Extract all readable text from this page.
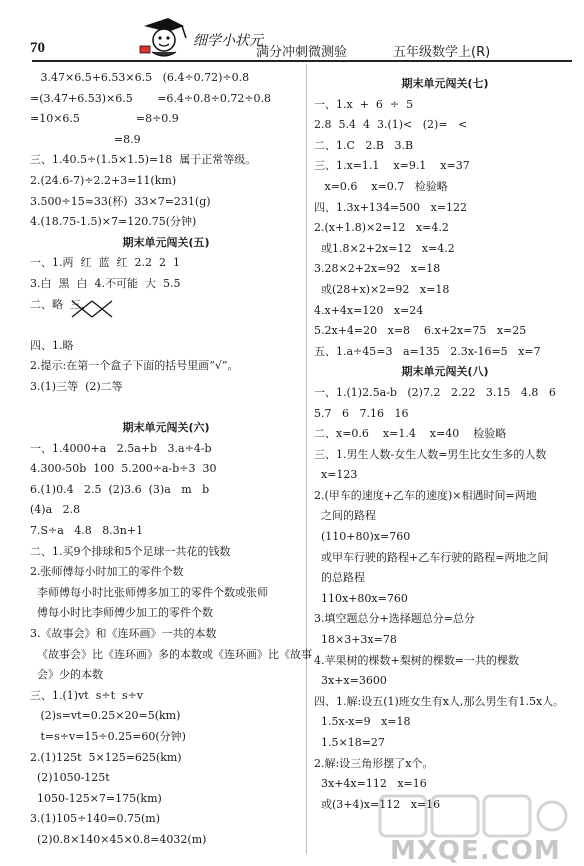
70	细学小状元
满分冲刺微测验	五年级数学上(R)
3.47×6.5+6.53×6.5   (6.4÷0.72)÷0.8
=(3.47+6.53)×6.5       =6.4÷0.8÷0.72÷0.8
=10×6.5                =8÷0.9
=8.9
三、1.40.5÷(1.5×1.5)=18  属于正常等级。
2.(24.6-7)÷2.2+3=11(km)
3.500÷15≈33(杯)  33×7=231(g)
4.(18.75-1.5)×7=120.75(分钟)
期末单元闯关(五)
一、1.两  红  蓝  红  2.2  2  1
3.白  黑  白  4.不可能  大  5.5
二、略  三、
四、1.略
2.提示:在第一个盒子下面的括号里画“√”。
3.(1)三等  (2)二等
期末单元闯关(六)
一、1.4000+a   2.5a+b   3.a÷4-b
4.300-50b  100  5.200÷a-b÷3  30
6.(1)0.4   2.5  (2)3.6  (3)a   m   b
(4)a   2.8
7.S÷a   4.8   8.3n+1
二、1.买9个排球和5个足球一共花的钱数
2.张师傅每小时加工的零件个数
李师傅每小时比张师傅多加工的零件个数或张师
傅每小时比李师傅少加工的零件个数
3.《故事会》和《连环画》一共的本数
《故事会》比《连环画》多的本数或《连环画》比《故事
会》少的本数
三、1.(1)vt  s÷t  s÷v
(2)s=vt=0.25×20=5(km)
t=s÷v=15÷0.25=60(分钟)
2.(1)125t  5×125=625(km)
(2)1050-125t
1050-125×7=175(km)
3.(1)105÷140=0.75(m)
(2)0.8×140×45×0.8=4032(m)
期末单元闯关(七)
一、1.x  +  6  ÷  5
2.8  5.4  4  3.(1)<   (2)=   <
二、1.C   2.B   3.B
三、1.x=1.1    x=9.1    x=37
x=0.6    x=0.7   检验略
四、1.3x+134=500   x=122
2.(x+1.8)×2=12   x=4.2
或1.8×2+2x=12   x=4.2
3.28×2+2x=92   x=18
或(28+x)×2=92   x=18
4.x+4x=120   x=24
5.2x+4=20   x=8    6.x+2x=75   x=25
五、1.a÷45=3   a=135   2.3x-16=5   x=7
期末单元闯关(八)
一、1.(1)2.5a-b   (2)7.2   2.22   3.15   4.8   6
5.7   6   7.16   16
二、x=0.6    x=1.4    x=40    检验略
三、1.男生人数-女生人数=男生比女生多的人数
x=123
2.(甲车的速度+乙车的速度)×相遇时间=两地
之间的路程
(110+80)x=760
或甲车行驶的路程+乙车行驶的路程=两地之间
的总路程
110x+80x=760
3.填空题总分+选择题总分=总分
18×3+3x=78
4.苹果树的棵数+梨树的棵数=一共的棵数
3x+x=3600
四、1.解:设五(1)班女生有x人,那么男生有1.5x人。
1.5x-x=9   x=18
1.5×18=27
2.解:设三角形摆了x个。
3x+4x=112   x=16
或(3+4)x=112   x=16
MXQE.COM
